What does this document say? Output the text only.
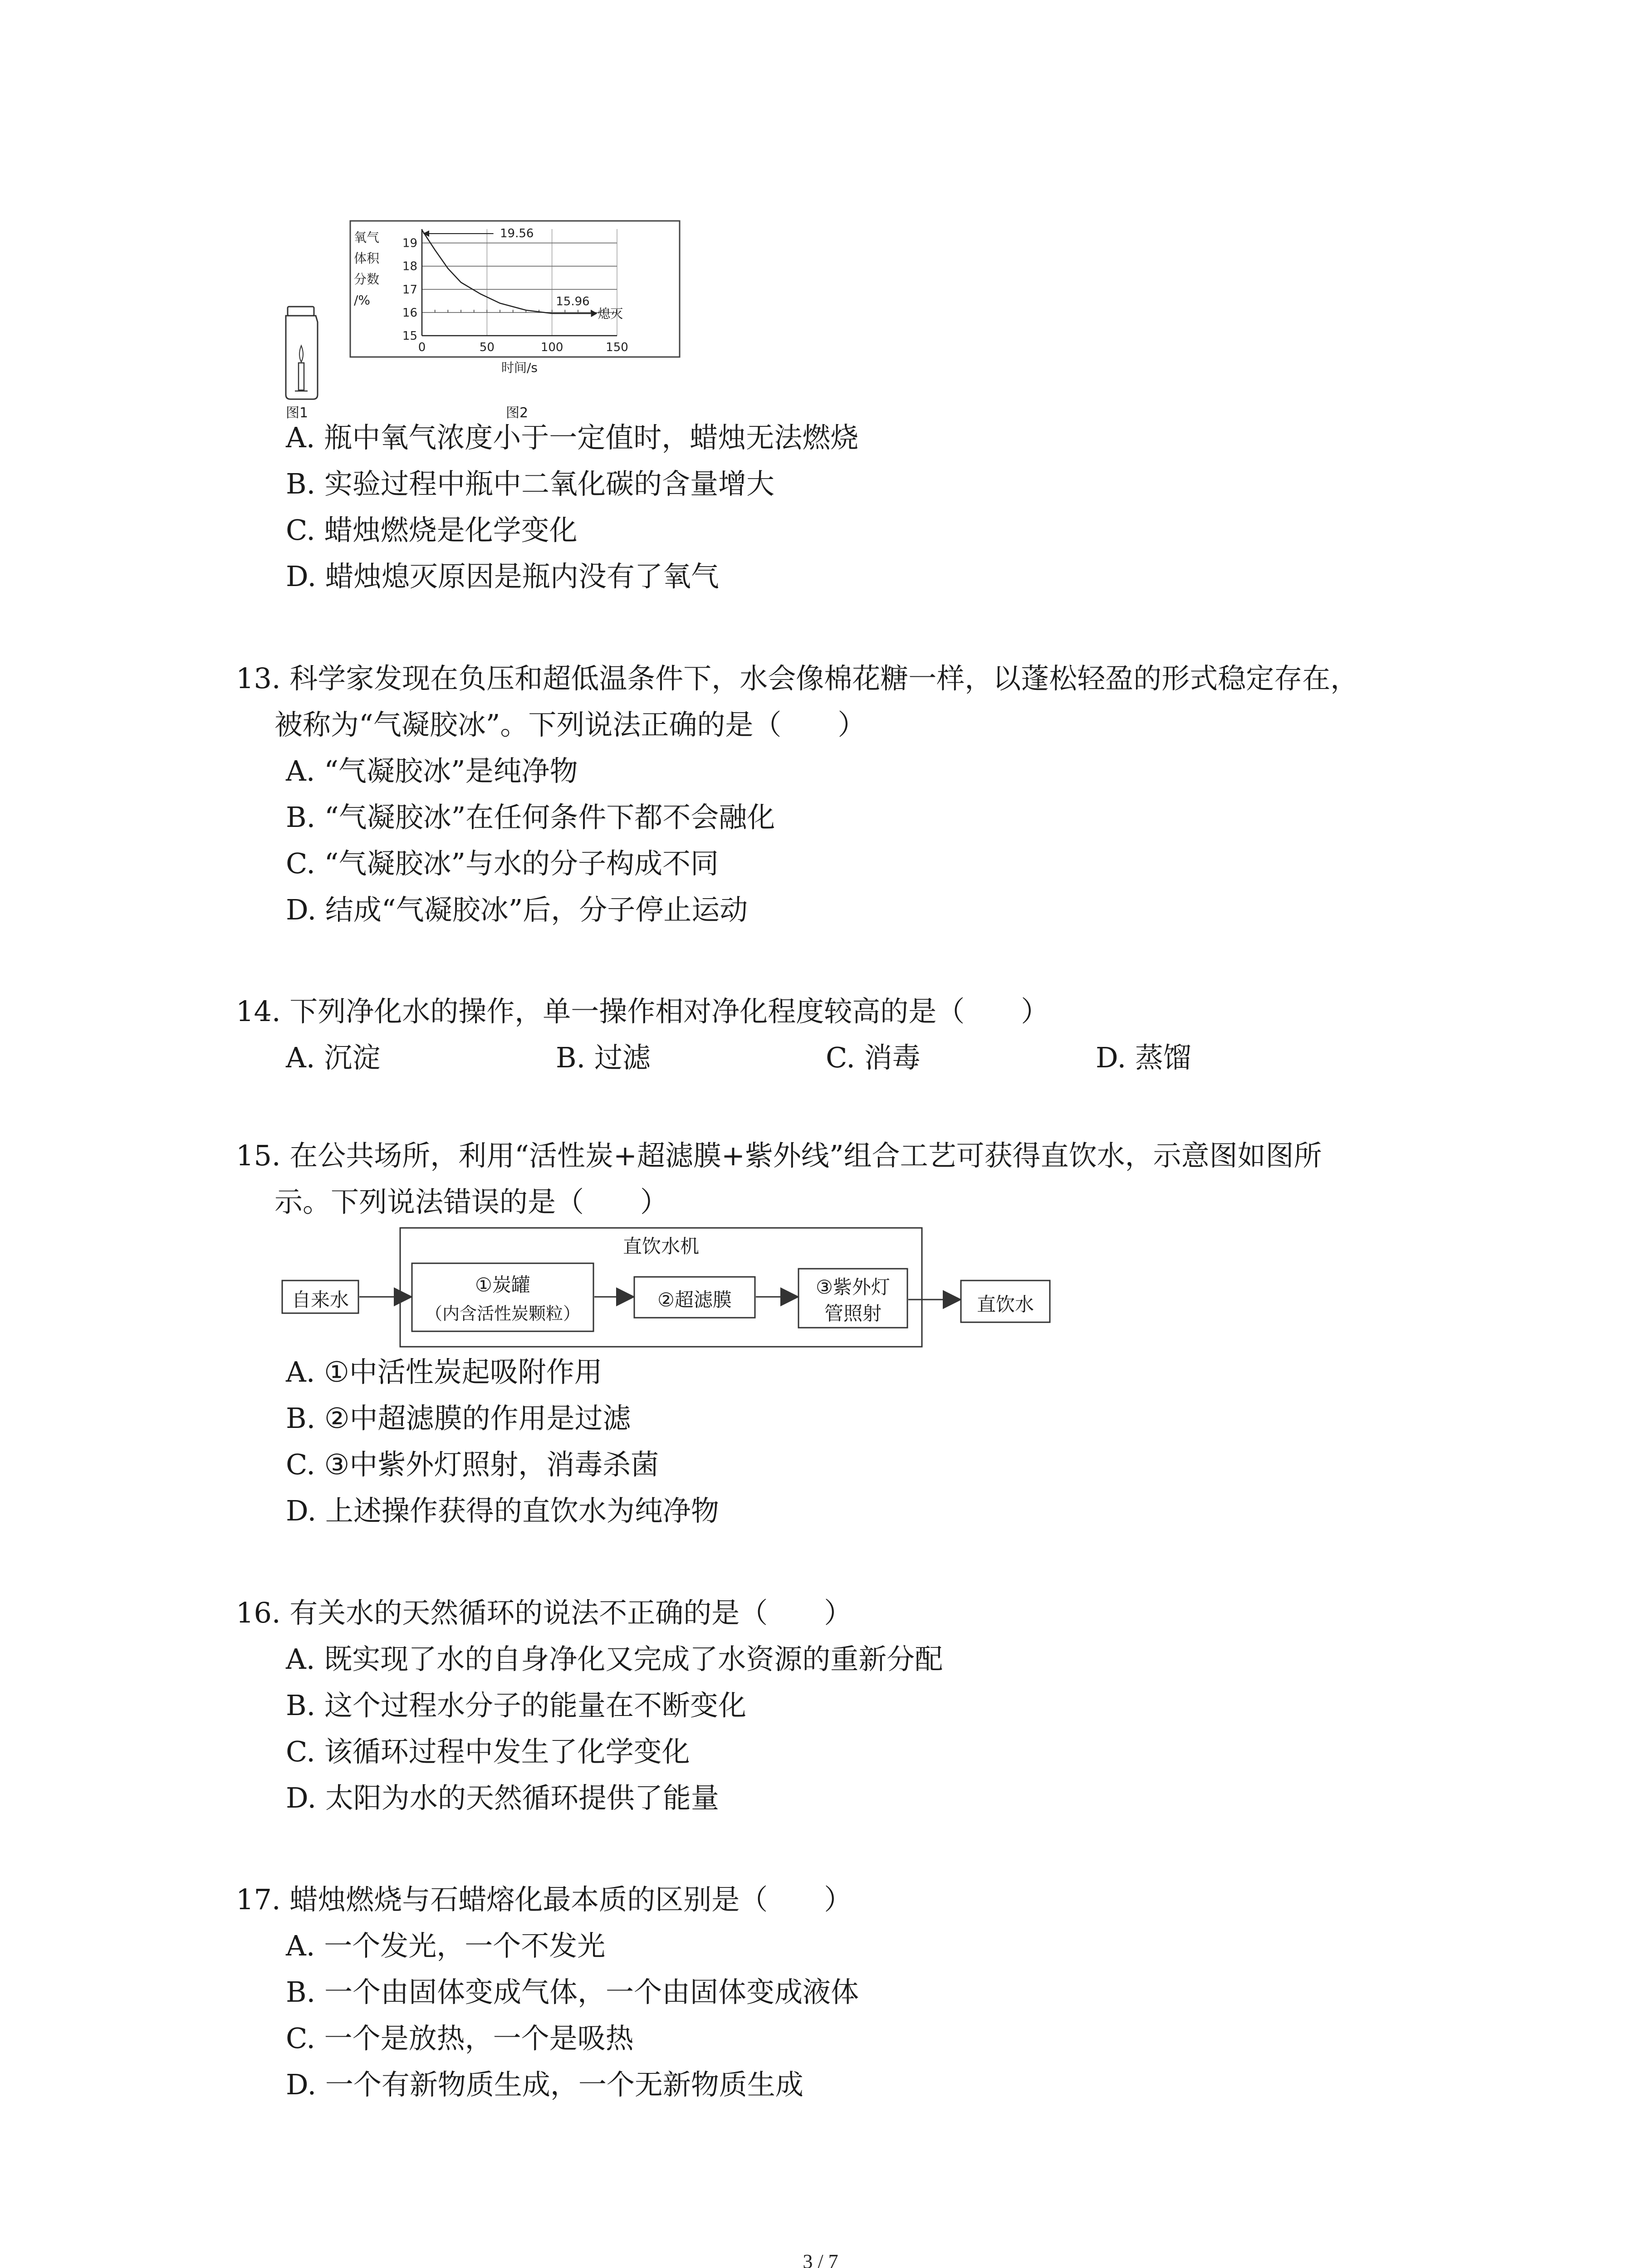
图1
15
16
17
18
19
0	50	100	150
氧气
体积
分数
/%
时间/s
19.56
15.96
熄灭
图2
A. 瓶中氧气浓度小于一定值时，蜡烛无法燃烧
B. 实验过程中瓶中二氧化碳的含量增大
C. 蜡烛燃烧是化学变化
D. 蜡烛熄灭原因是瓶内没有了氧气
13. 科学家发现在负压和超低温条件下，水会像棉花糖一样，以蓬松轻盈的形式稳定存在，
被称为“气凝胶冰”。下列说法正确的是（　　）
A. “气凝胶冰”是纯净物
B. “气凝胶冰”在任何条件下都不会融化
C. “气凝胶冰”与水的分子构成不同
D. 结成“气凝胶冰”后，分子停止运动
14. 下列净化水的操作，单一操作相对净化程度较高的是（　　）
A. 沉淀	B. 过滤	C. 消毒	D. 蒸馏
15. 在公共场所，利用“活性炭+超滤膜+紫外线”组合工艺可获得直饮水，示意图如图所
示。下列说法错误的是（　　）
直饮水机
自来水
①炭罐
（内含活性炭颗粒）
②超滤膜
③紫外灯
管照射	直饮水
A. ①中活性炭起吸附作用
B. ②中超滤膜的作用是过滤
C. ③中紫外灯照射，消毒杀菌
D. 上述操作获得的直饮水为纯净物
16. 有关水的天然循环的说法不正确的是（　　）
A. 既实现了水的自身净化又完成了水资源的重新分配
B. 这个过程水分子的能量在不断变化
C. 该循环过程中发生了化学变化
D. 太阳为水的天然循环提供了能量
17. 蜡烛燃烧与石蜡熔化最本质的区别是（　　）
A. 一个发光，一个不发光
B. 一个由固体变成气体，一个由固体变成液体
C. 一个是放热，一个是吸热
D. 一个有新物质生成，一个无新物质生成
3 / 7
